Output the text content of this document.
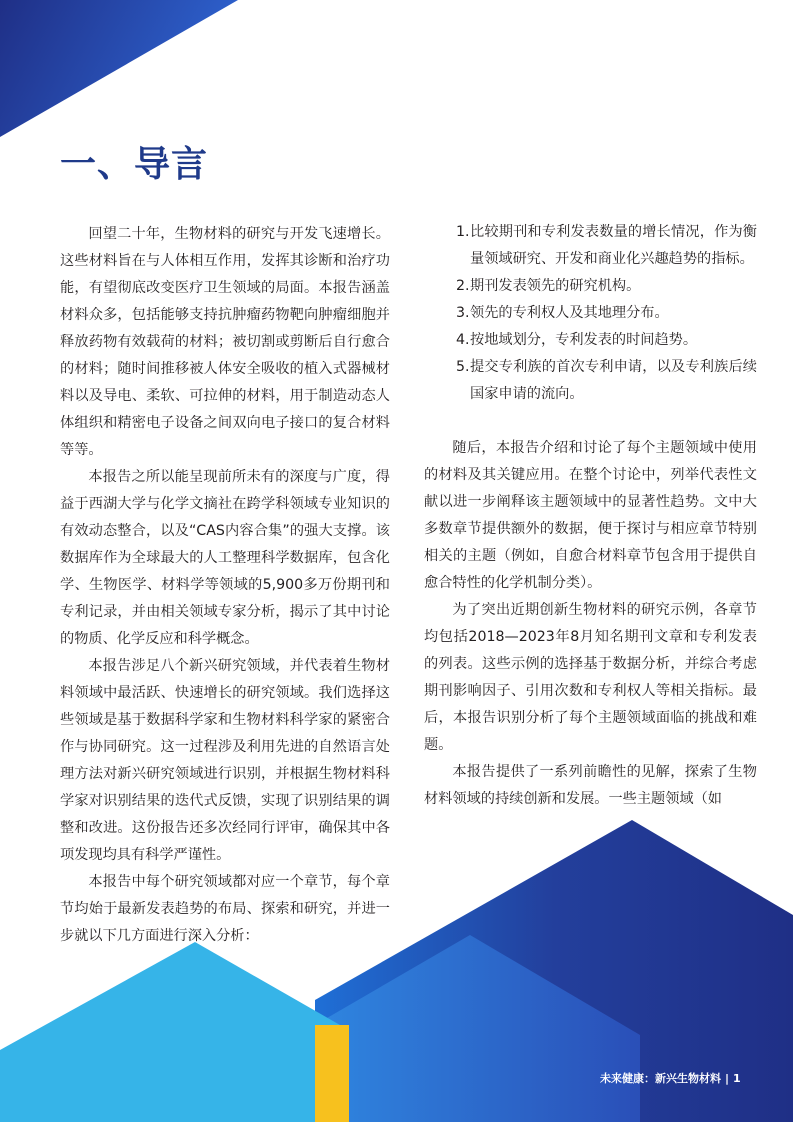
一、导言

回望二十年，生物材料的研究与开发飞速增长。这些材料旨在与人体相互作用，发挥其诊断和治疗功能，有望彻底改变医疗卫生领域的局面。本报告涵盖材料众多，包括能够支持抗肿瘤药物靶向肿瘤细胞并释放药物有效载荷的材料；被切割或剪断后自行愈合的材料；随时间推移被人体安全吸收的植入式器械材料以及导电、柔软、可拉伸的材料，用于制造动态人体组织和精密电子设备之间双向电子接口的复合材料等等。

本报告之所以能呈现前所未有的深度与广度，得益于西湖大学与化学文摘社在跨学科领域专业知识的有效动态整合，以及“CAS内容合集”的强大支撑。该数据库作为全球最大的人工整理科学数据库，包含化学、生物医学、材料学等领域的5,900多万份期刊和专利记录，并由相关领域专家分析，揭示了其中讨论的物质、化学反应和科学概念。

本报告涉足八个新兴研究领域，并代表着生物材料领域中最活跃、快速增长的研究领域。我们选择这些领域是基于数据科学家和生物材料科学家的紧密合作与协同研究。这一过程涉及利用先进的自然语言处理方法对新兴研究领域进行识别，并根据生物材料科学家对识别结果的迭代式反馈，实现了识别结果的调整和改进。这份报告还多次经同行评审，确保其中各项发现均具有科学严谨性。

本报告中每个研究领域都对应一个章节，每个章节均始于最新发表趋势的布局、探索和研究，并进一步就以下几方面进行深入分析：

1. 比较期刊和专利发表数量的增长情况，作为衡量领域研究、开发和商业化兴趣趋势的指标。
2. 期刊发表领先的研究机构。
3. 领先的专利权人及其地理分布。
4. 按地域划分，专利发表的时间趋势。
5. 提交专利族的首次专利申请，以及专利族后续国家申请的流向。

随后，本报告介绍和讨论了每个主题领域中使用的材料及其关键应用。在整个讨论中，列举代表性文献以进一步阐释该主题领域中的显著性趋势。文中大多数章节提供额外的数据，便于探讨与相应章节特别相关的主题（例如，自愈合材料章节包含用于提供自愈合特性的化学机制分类）。

为了突出近期创新生物材料的研究示例，各章节均包括2018—2023年8月知名期刊文章和专利发表的列表。这些示例的选择基于数据分析，并综合考虑期刊影响因子、引用次数和专利权人等相关指标。最后，本报告识别分析了每个主题领域面临的挑战和难题。

本报告提供了一系列前瞻性的见解，探索了生物材料领域的持续创新和发展。一些主题领域（如

未来健康：新兴生物材料 | 1
